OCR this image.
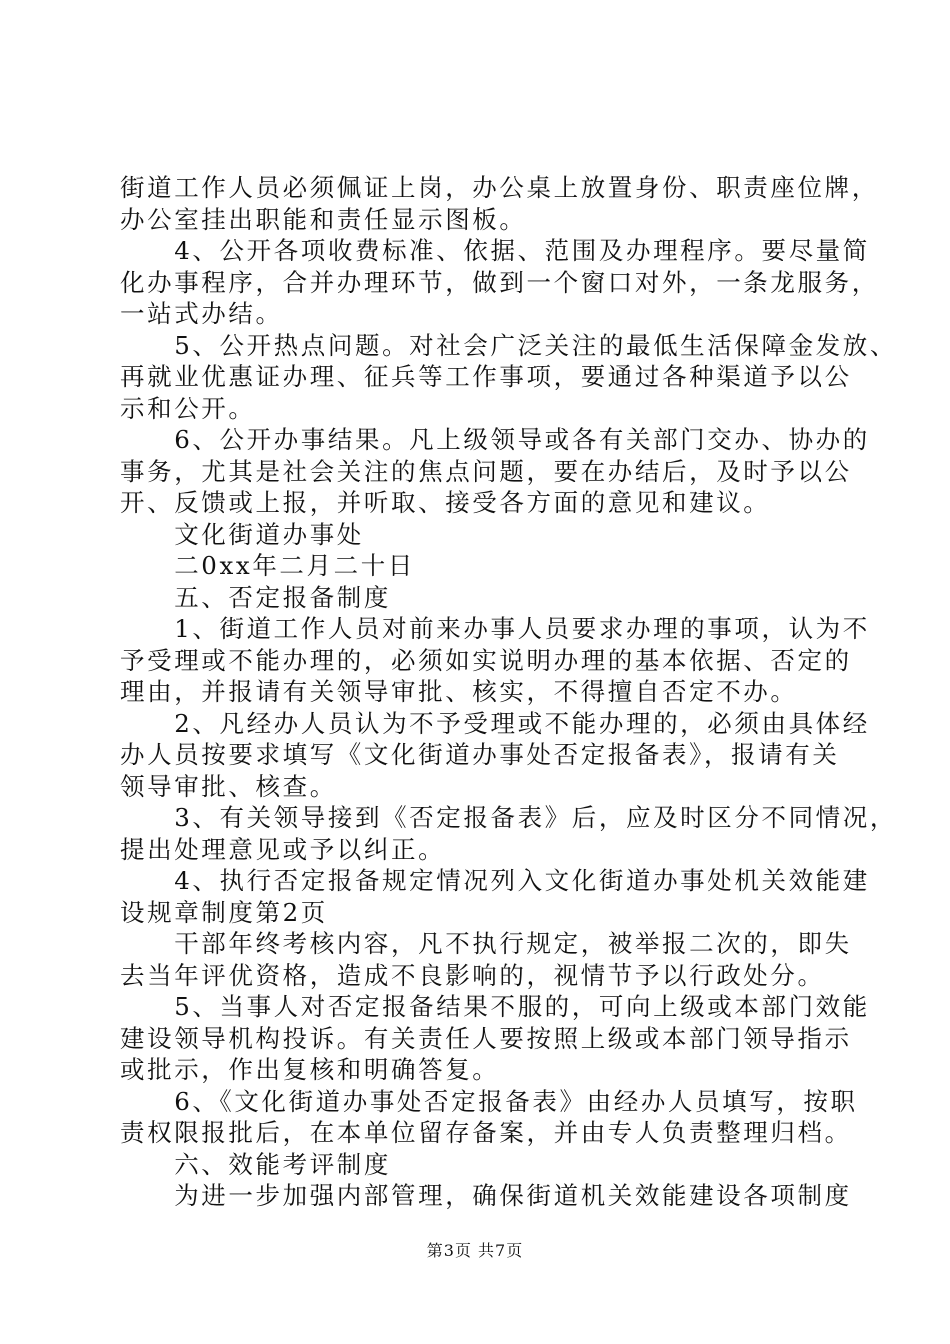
街道工作人员必须佩证上岗，办公桌上放置身份、职责座位牌，
办公室挂出职能和责任显示图板。
　　4、公开各项收费标准、依据、范围及办理程序。要尽量简
化办事程序，合并办理环节，做到一个窗口对外，一条龙服务，
一站式办结。
　　5、公开热点问题。对社会广泛关注的最低生活保障金发放、
再就业优惠证办理、征兵等工作事项，要通过各种渠道予以公
示和公开。
　　6、公开办事结果。凡上级领导或各有关部门交办、协办的
事务，尤其是社会关注的焦点问题，要在办结后，及时予以公
开、反馈或上报，并听取、接受各方面的意见和建议。
　　文化街道办事处
　　二0xx年二月二十日
　　五、否定报备制度
　　1、街道工作人员对前来办事人员要求办理的事项，认为不
予受理或不能办理的，必须如实说明办理的基本依据、否定的
理由，并报请有关领导审批、核实，不得擅自否定不办。
　　2、凡经办人员认为不予受理或不能办理的，必须由具体经
办人员按要求填写《文化街道办事处否定报备表》，报请有关
领导审批、核查。
　　3、有关领导接到《否定报备表》后，应及时区分不同情况，
提出处理意见或予以纠正。
　　4、执行否定报备规定情况列入文化街道办事处机关效能建
设规章制度第2页
　　干部年终考核内容，凡不执行规定，被举报二次的，即失
去当年评优资格，造成不良影响的，视情节予以行政处分。
　　5、当事人对否定报备结果不服的，可向上级或本部门效能
建设领导机构投诉。有关责任人要按照上级或本部门领导指示
或批示，作出复核和明确答复。
　　6、《文化街道办事处否定报备表》由经办人员填写，按职
责权限报批后，在本单位留存备案，并由专人负责整理归档。
　　六、效能考评制度
　　为进一步加强内部管理，确保街道机关效能建设各项制度
第3页 共7页
